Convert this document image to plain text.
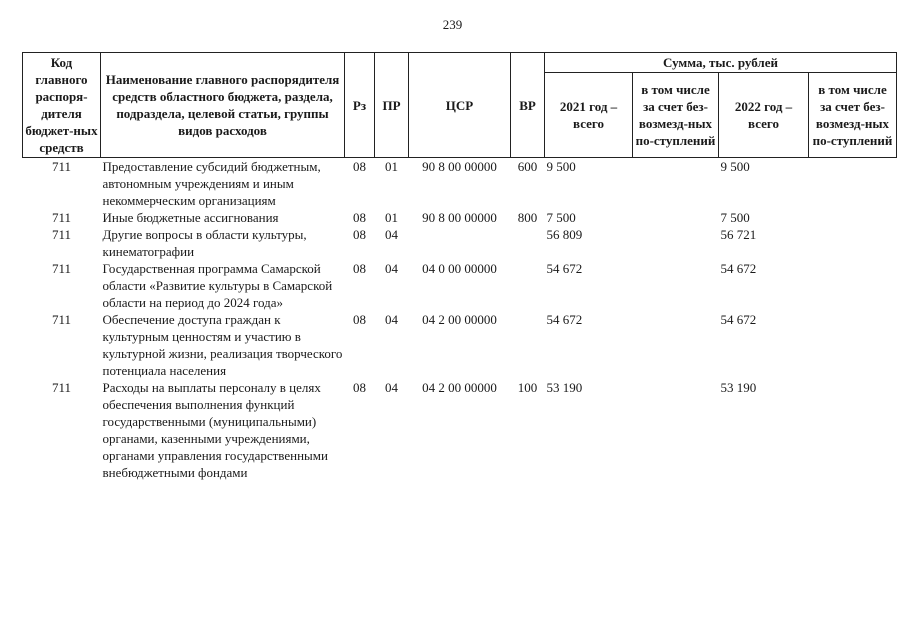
239
Код главного распоря-дителя бюджет-ных средств	Наименование главного распорядителя средств областного бюджета, раздела, подраздела, целевой статьи, группы видов расходов	Рз	ПР	ЦСР	ВР	Сумма, тыс. рублей			
						2021 год – всего	в том числе за счет без-возмезд-ных по-ступлений	2022 год – всего	в том числе за счет без-возмезд-ных по-ступлений
711	Предоставление субсидий бюджетным, автономным учреждениям и иным некоммерческим организациям	08	01	90 8 00 00000	600	9 500		9 500	
711	Иные бюджетные ассигнования	08	01	90 8 00 00000	800	7 500		7 500	
711	Другие вопросы в области культуры, кинематографии	08	04			56 809		56 721	
711	Государственная программа Самарской области «Развитие культуры в Самарской области на период до 2024 года»	08	04	04 0 00 00000		54 672		54 672	
711	Обеспечение доступа граждан к культурным ценностям и участию в культурной жизни, реализация творческого потенциала населения	08	04	04 2 00 00000		54 672		54 672	
711	Расходы на выплаты персоналу в целях обеспечения выполнения функций государственными (муниципальными) органами, казенными учреждениями, органами управления государственными внебюджетными фондами	08	04	04 2 00 00000	100	53 190		53 190	
